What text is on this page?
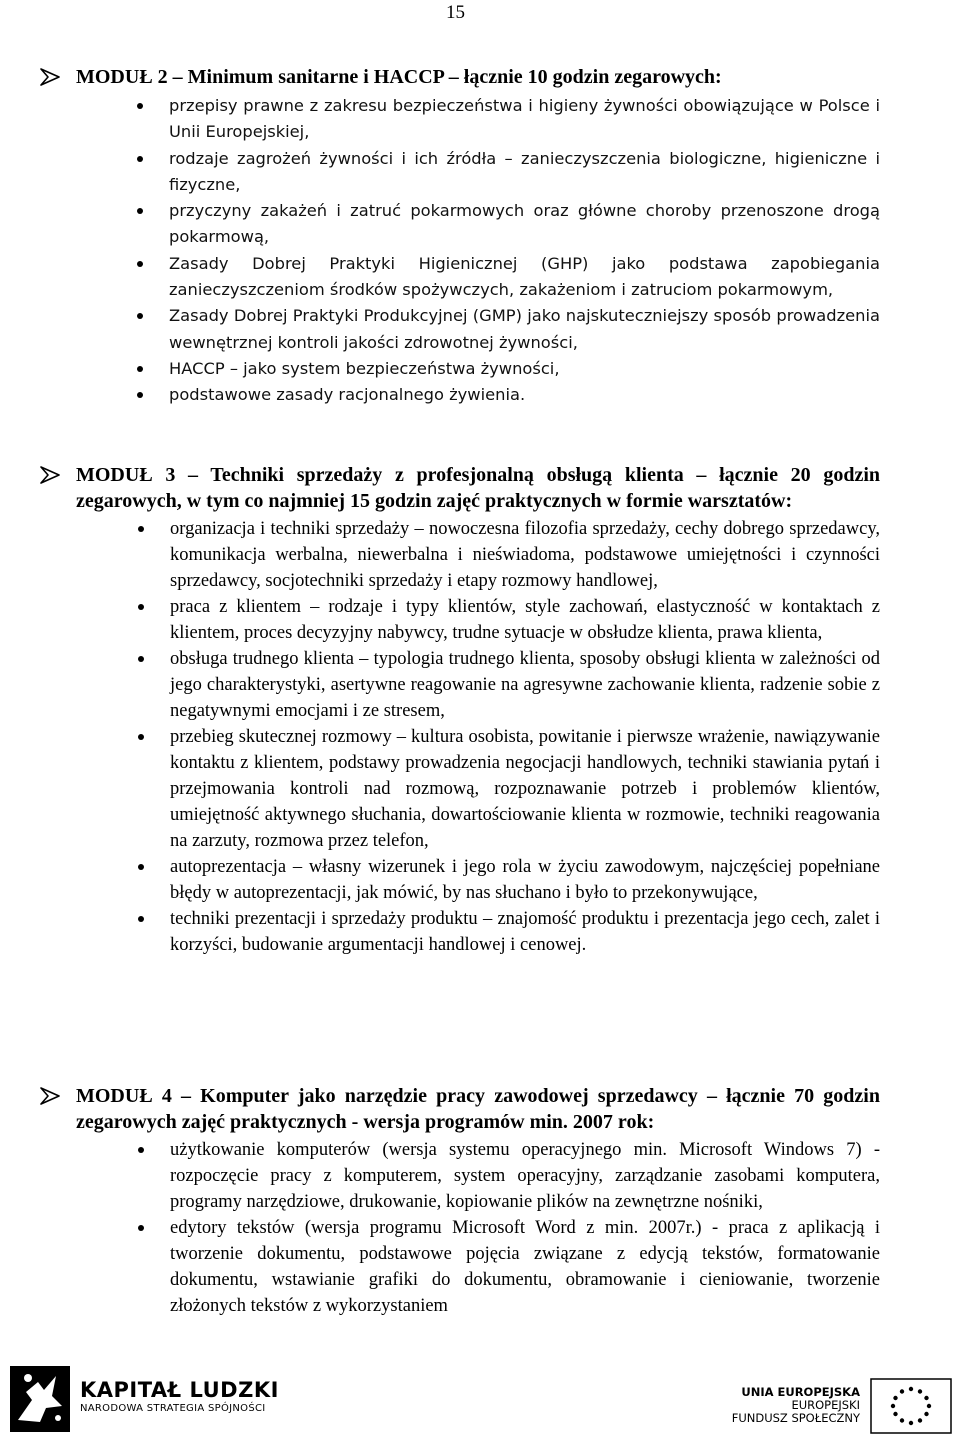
15
MODUŁ 2 – Minimum sanitarne i HACCP – łącznie 10 godzin zegarowych:
przepisy prawne z zakresu bezpieczeństwa i higieny żywności obowiązujące w Polsce i Unii Europejskiej,
rodzaje zagrożeń żywności i ich źródła – zanieczyszczenia biologiczne, higieniczne i fizyczne,
przyczyny zakażeń i zatruć pokarmowych oraz główne choroby przenoszone drogą pokarmową,
Zasady Dobrej Praktyki Higienicznej (GHP) jako podstawa zapobiegania zanieczyszczeniom środków spożywczych, zakażeniom i zatruciom pokarmowym,
Zasady Dobrej Praktyki Produkcyjnej (GMP) jako najskuteczniejszy sposób prowadzenia wewnętrznej kontroli jakości zdrowotnej żywności,
HACCP – jako system bezpieczeństwa żywności,
podstawowe zasady racjonalnego żywienia.
MODUŁ 3 – Techniki sprzedaży z profesjonalną obsługą klienta – łącznie 20 godzin zegarowych, w tym co najmniej 15 godzin zajęć praktycznych w formie warsztatów:
organizacja i techniki sprzedaży – nowoczesna filozofia sprzedaży, cechy dobrego sprzedawcy, komunikacja werbalna, niewerbalna i nieświadoma, podstawowe umiejętności i czynności sprzedawcy, socjotechniki sprzedaży i etapy rozmowy handlowej,
praca z klientem – rodzaje i typy klientów, style zachowań, elastyczność w kontaktach z klientem, proces decyzyjny nabywcy, trudne sytuacje w obsłudze klienta, prawa klienta,
obsługa trudnego klienta – typologia trudnego klienta, sposoby obsługi klienta w zależności od jego charakterystyki, asertywne reagowanie na agresywne zachowanie klienta, radzenie sobie z negatywnymi emocjami i ze stresem,
przebieg skutecznej rozmowy – kultura osobista, powitanie i pierwsze wrażenie, nawiązywanie kontaktu z klientem, podstawy prowadzenia negocjacji handlowych, techniki stawiania pytań i przejmowania kontroli nad rozmową, rozpoznawanie potrzeb i problemów klientów, umiejętność aktywnego słuchania, dowartościowanie klienta w rozmowie, techniki reagowania na zarzuty, rozmowa przez telefon,
autoprezentacja – własny wizerunek i jego rola w życiu zawodowym, najczęściej popełniane błędy w autoprezentacji, jak mówić, by nas słuchano i było to przekonywujące,
techniki prezentacji i sprzedaży produktu – znajomość produktu i prezentacja jego cech, zalet i korzyści, budowanie argumentacji handlowej i cenowej.
MODUŁ 4 – Komputer jako narzędzie pracy zawodowej sprzedawcy – łącznie 70 godzin zegarowych zajęć praktycznych - wersja programów min. 2007 rok:
użytkowanie komputerów (wersja systemu operacyjnego min. Microsoft Windows 7) - rozpoczęcie pracy z komputerem, system operacyjny, zarządzanie zasobami komputera, programy narzędziowe, drukowanie, kopiowanie plików na zewnętrzne nośniki,
edytory tekstów (wersja programu Microsoft Word z min. 2007r.) - praca z aplikacją i tworzenie dokumentu, podstawowe pojęcia związane z edycją tekstów, formatowanie dokumentu, wstawianie grafiki do dokumentu, obramowanie i cieniowanie, tworzenie złożonych tekstów z wykorzystaniem
KAPITAŁ LUDZKI
NARODOWA STRATEGIA SPÓJNOŚCI
UNIA EUROPEJSKA
EUROPEJSKI
FUNDUSZ SPOŁECZNY
